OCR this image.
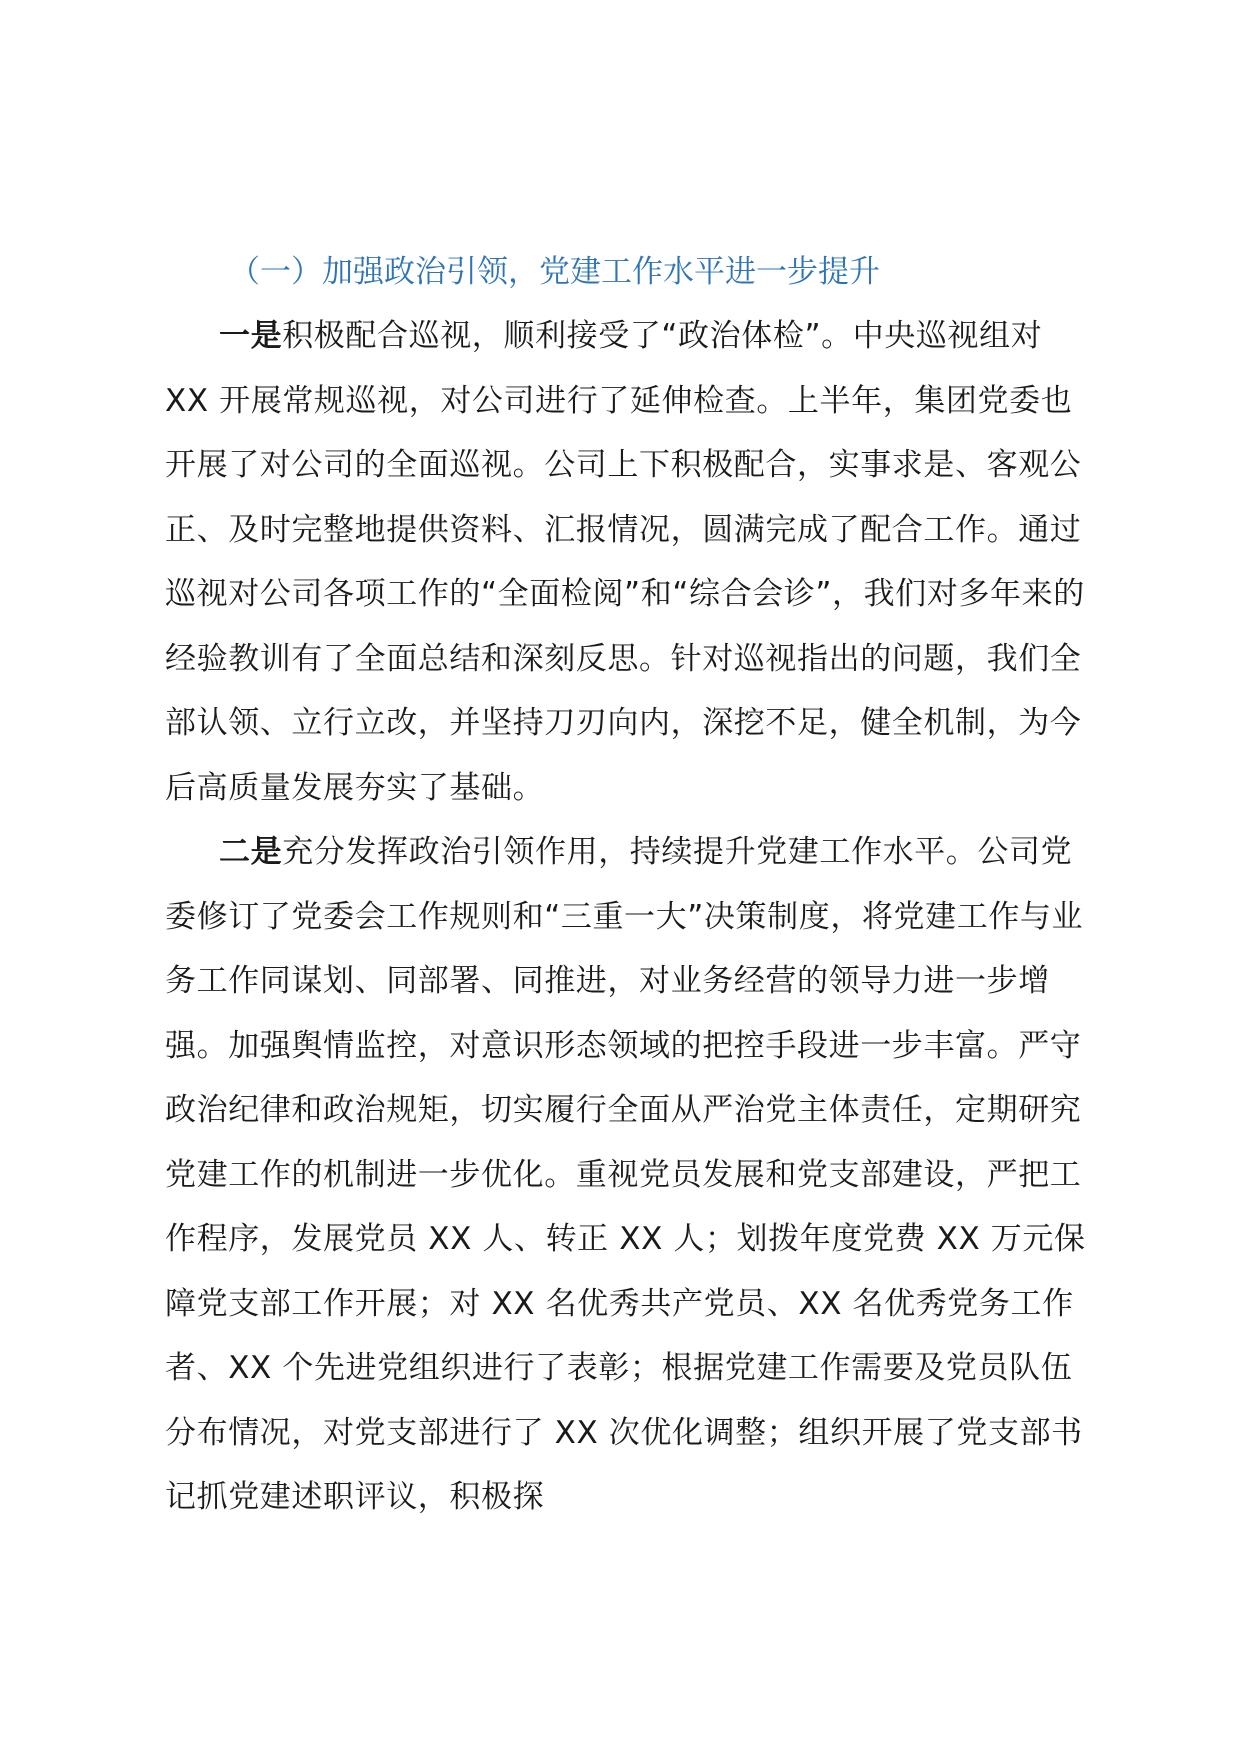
（一）加强政治引领，党建工作水平进一步提升

一是积极配合巡视，顺利接受了“政治体检”。中央巡视组对 XX 开展常规巡视，对公司进行了延伸检查。上半年，集团党委也开展了对公司的全面巡视。公司上下积极配合，实事求是、客观公正、及时完整地提供资料、汇报情况，圆满完成了配合工作。通过巡视对公司各项工作的“全面检阅”和“综合会诊”，我们对多年来的经验教训有了全面总结和深刻反思。针对巡视指出的问题，我们全部认领、立行立改，并坚持刀刃向内，深挖不足，健全机制，为今后高质量发展夯实了基础。

二是充分发挥政治引领作用，持续提升党建工作水平。公司党委修订了党委会工作规则和“三重一大”决策制度，将党建工作与业务工作同谋划、同部署、同推进，对业务经营的领导力进一步增强。加强舆情监控，对意识形态领域的把控手段进一步丰富。严守政治纪律和政治规矩，切实履行全面从严治党主体责任，定期研究党建工作的机制进一步优化。重视党员发展和党支部建设，严把工作程序，发展党员 XX 人、转正 XX 人；划拨年度党费 XX 万元保障党支部工作开展；对 XX 名优秀共产党员、XX 名优秀党务工作者、XX 个先进党组织进行了表彰；根据党建工作需要及党员队伍分布情况，对党支部进行了 XX 次优化调整；组织开展了党支部书记抓党建述职评议，积极探
